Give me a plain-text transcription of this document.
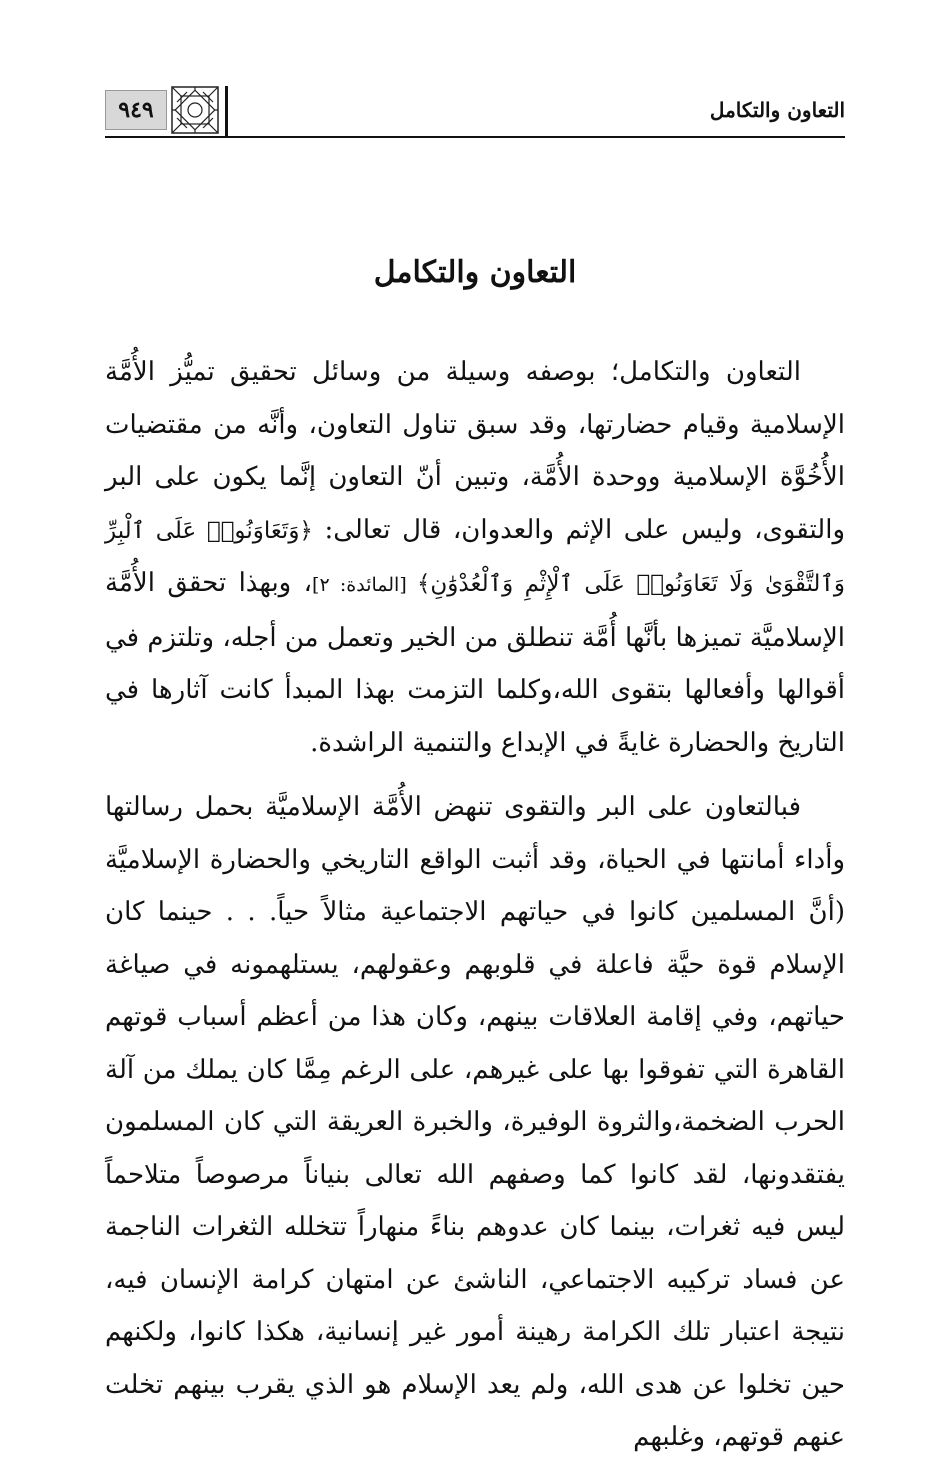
التعاون والتكامل
٩٤٩
التعاون والتكامل

التعاون والتكامل؛ بوصفه وسيلة من وسائل تحقيق تميُّز الأُمَّة الإسلامية وقيام حضارتها، وقد سبق تناول التعاون، وأنَّه من مقتضيات الأُخُوَّة الإسلامية ووحدة الأُمَّة، وتبين أنّ التعاون إنَّما يكون على البر والتقوى، وليس على الإثم والعدوان، قال تعالى: ﴿وَتَعَاوَنُوا۟ عَلَى ٱلْبِرِّ وَٱلتَّقْوَىٰ وَلَا تَعَاوَنُوا۟ عَلَى ٱلْإِثْمِ وَٱلْعُدْوَٰنِ﴾ [المائدة: ٢]، وبهذا تحقق الأُمَّة الإسلاميَّة تميزها بأنَّها أُمَّة تنطلق من الخير وتعمل من أجله، وتلتزم في أقوالها وأفعالها بتقوى الله،وكلما التزمت بهذا المبدأ كانت آثارها في التاريخ والحضارة غايةً في الإبداع والتنمية الراشدة.

فبالتعاون على البر والتقوى تنهض الأُمَّة الإسلاميَّة بحمل رسالتها وأداء أمانتها في الحياة، وقد أثبت الواقع التاريخي والحضارة الإسلاميَّة (أنَّ المسلمين كانوا في حياتهم الاجتماعية مثالاً حياً. . . حينما كان الإسلام قوة حيَّة فاعلة في قلوبهم وعقولهم، يستلهمونه في صياغة حياتهم، وفي إقامة العلاقات بينهم، وكان هذا من أعظم أسباب قوتهم القاهرة التي تفوقوا بها على غيرهم، على الرغم مِمَّا كان يملك من آلة الحرب الضخمة،والثروة الوفيرة، والخبرة العريقة التي كان المسلمون يفتقدونها، لقد كانوا كما وصفهم الله تعالى بنياناً مرصوصاً متلاحماً ليس فيه ثغرات، بينما كان عدوهم بناءً منهاراً تتخلله الثغرات الناجمة عن فساد تركيبه الاجتماعي، الناشئ عن امتهان كرامة الإنسان فيه، نتيجة اعتبار تلك الكرامة رهينة أمور غير إنسانية، هكذا كانوا، ولكنهم حين تخلوا عن هدى الله، ولم يعد الإسلام هو الذي يقرب بينهم تخلت عنهم قوتهم، وغلبهم
